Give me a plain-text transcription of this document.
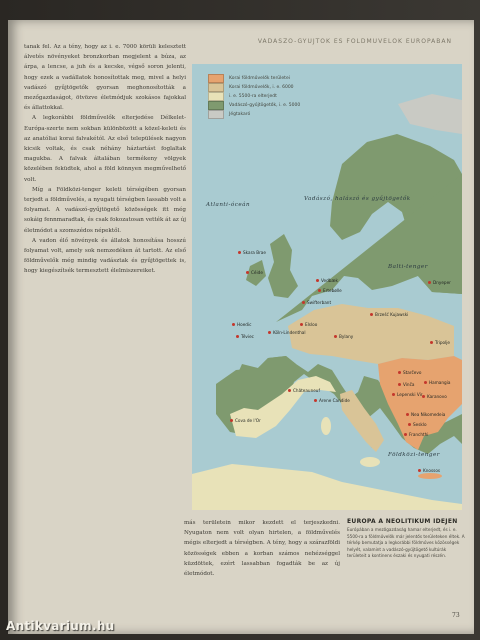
VADÁSZÓ-GYŰJTŐK ÉS FÖLDMŰVELŐK EURÓPÁBAN

tanak fel. Az a tény, hogy az i. e. 7000 körüli kelesztett álvetés növényeket bronzkorban megjelent a búza, az árpa, a lencse, a juh és a kecske, végső soron jelenti, hogy ezek a vadállatok honosítottak meg, mivel a helyi vadászó gyűjtögetők gyorsan meghonosították a mezőgazdaságot, ötvözve életmódjuk szokásos fajokkal és állattokkal.

A legkorábbi földművelők elterjedése Délkelet-Európa-szerte nem sokban különbözött a közel-keleti és az anatóliai korai falvakétól. Az első települések nagyon kicsik voltak, és csak néhány háztartást foglaltak magukba. A falvak általában termékeny völgyek közelében feküdtek, ahol a föld könnyen megművelhető volt.

Míg a Földközi-tenger keleti térségében gyorsan terjedt a földművelés, a nyugati térségben lassabb volt a folyamat. A vadászó-gyűjtögető közösségek itt még sokáig fennmaradtak, és csak fokozatosan vették át az új életmódot a szomszédos népektől.

A vadon élő növények és állatok honosítása hosszú folyamat volt, amely sok nemzedéken át tartott. Az első földművelők még mindig vadásztak és gyűjtögettek is, hogy kiegészítsék termesztett élelmiszereiket.

Korai földművelők területei
Korai földművelők, i. e. 6000
i. e. 5500-ra elterjedt
Vadászó-gyűjtögetők, i. e. 5000
Jégtakaró
Vadászó, halászó és gyűjtögetők
Atlanti-óceán
Balti-tenger
Földközi-tenger
Skara Brae
Hoedic
Céide
Vedbæk
Ertebølle
Téviec
Swifterbant
Elsloo
Köln-Lindenthal
Bylany
Brześć Kujawski
Vinča
Starčevo
Karanovo
Nea Nikomedeia
Sesklo
Knossos
Franchthi
Cova de l'Or
Châteauneuf
Arene Candide
Tripolje
Hamangia
Lepenski Vir
Dnyeper

más területein mikor kezdett el terjeszkedni. Nyugaton nem volt olyan hirtelen, a földművelés mégis elterjedt a térségben. A tény, hogy a szárazföldi közösségek ebben a korban számos nehézséggel küzdöttek, ezért lassabban fogadták be az új életmódot.

EURÓPA A NEOLITIKUM IDEJÉN
Európában a mezőgazdaság hamar elterjedt, és i. e. 5500-ra a földművelők már jelentős területeken éltek. A térkép bemutatja a legkorábbi földműves közösségek helyét, valamint a vadászó-gyűjtögető kultúrák területeit a kontinens északi és nyugati részén.
73
Antikvarium.hu
